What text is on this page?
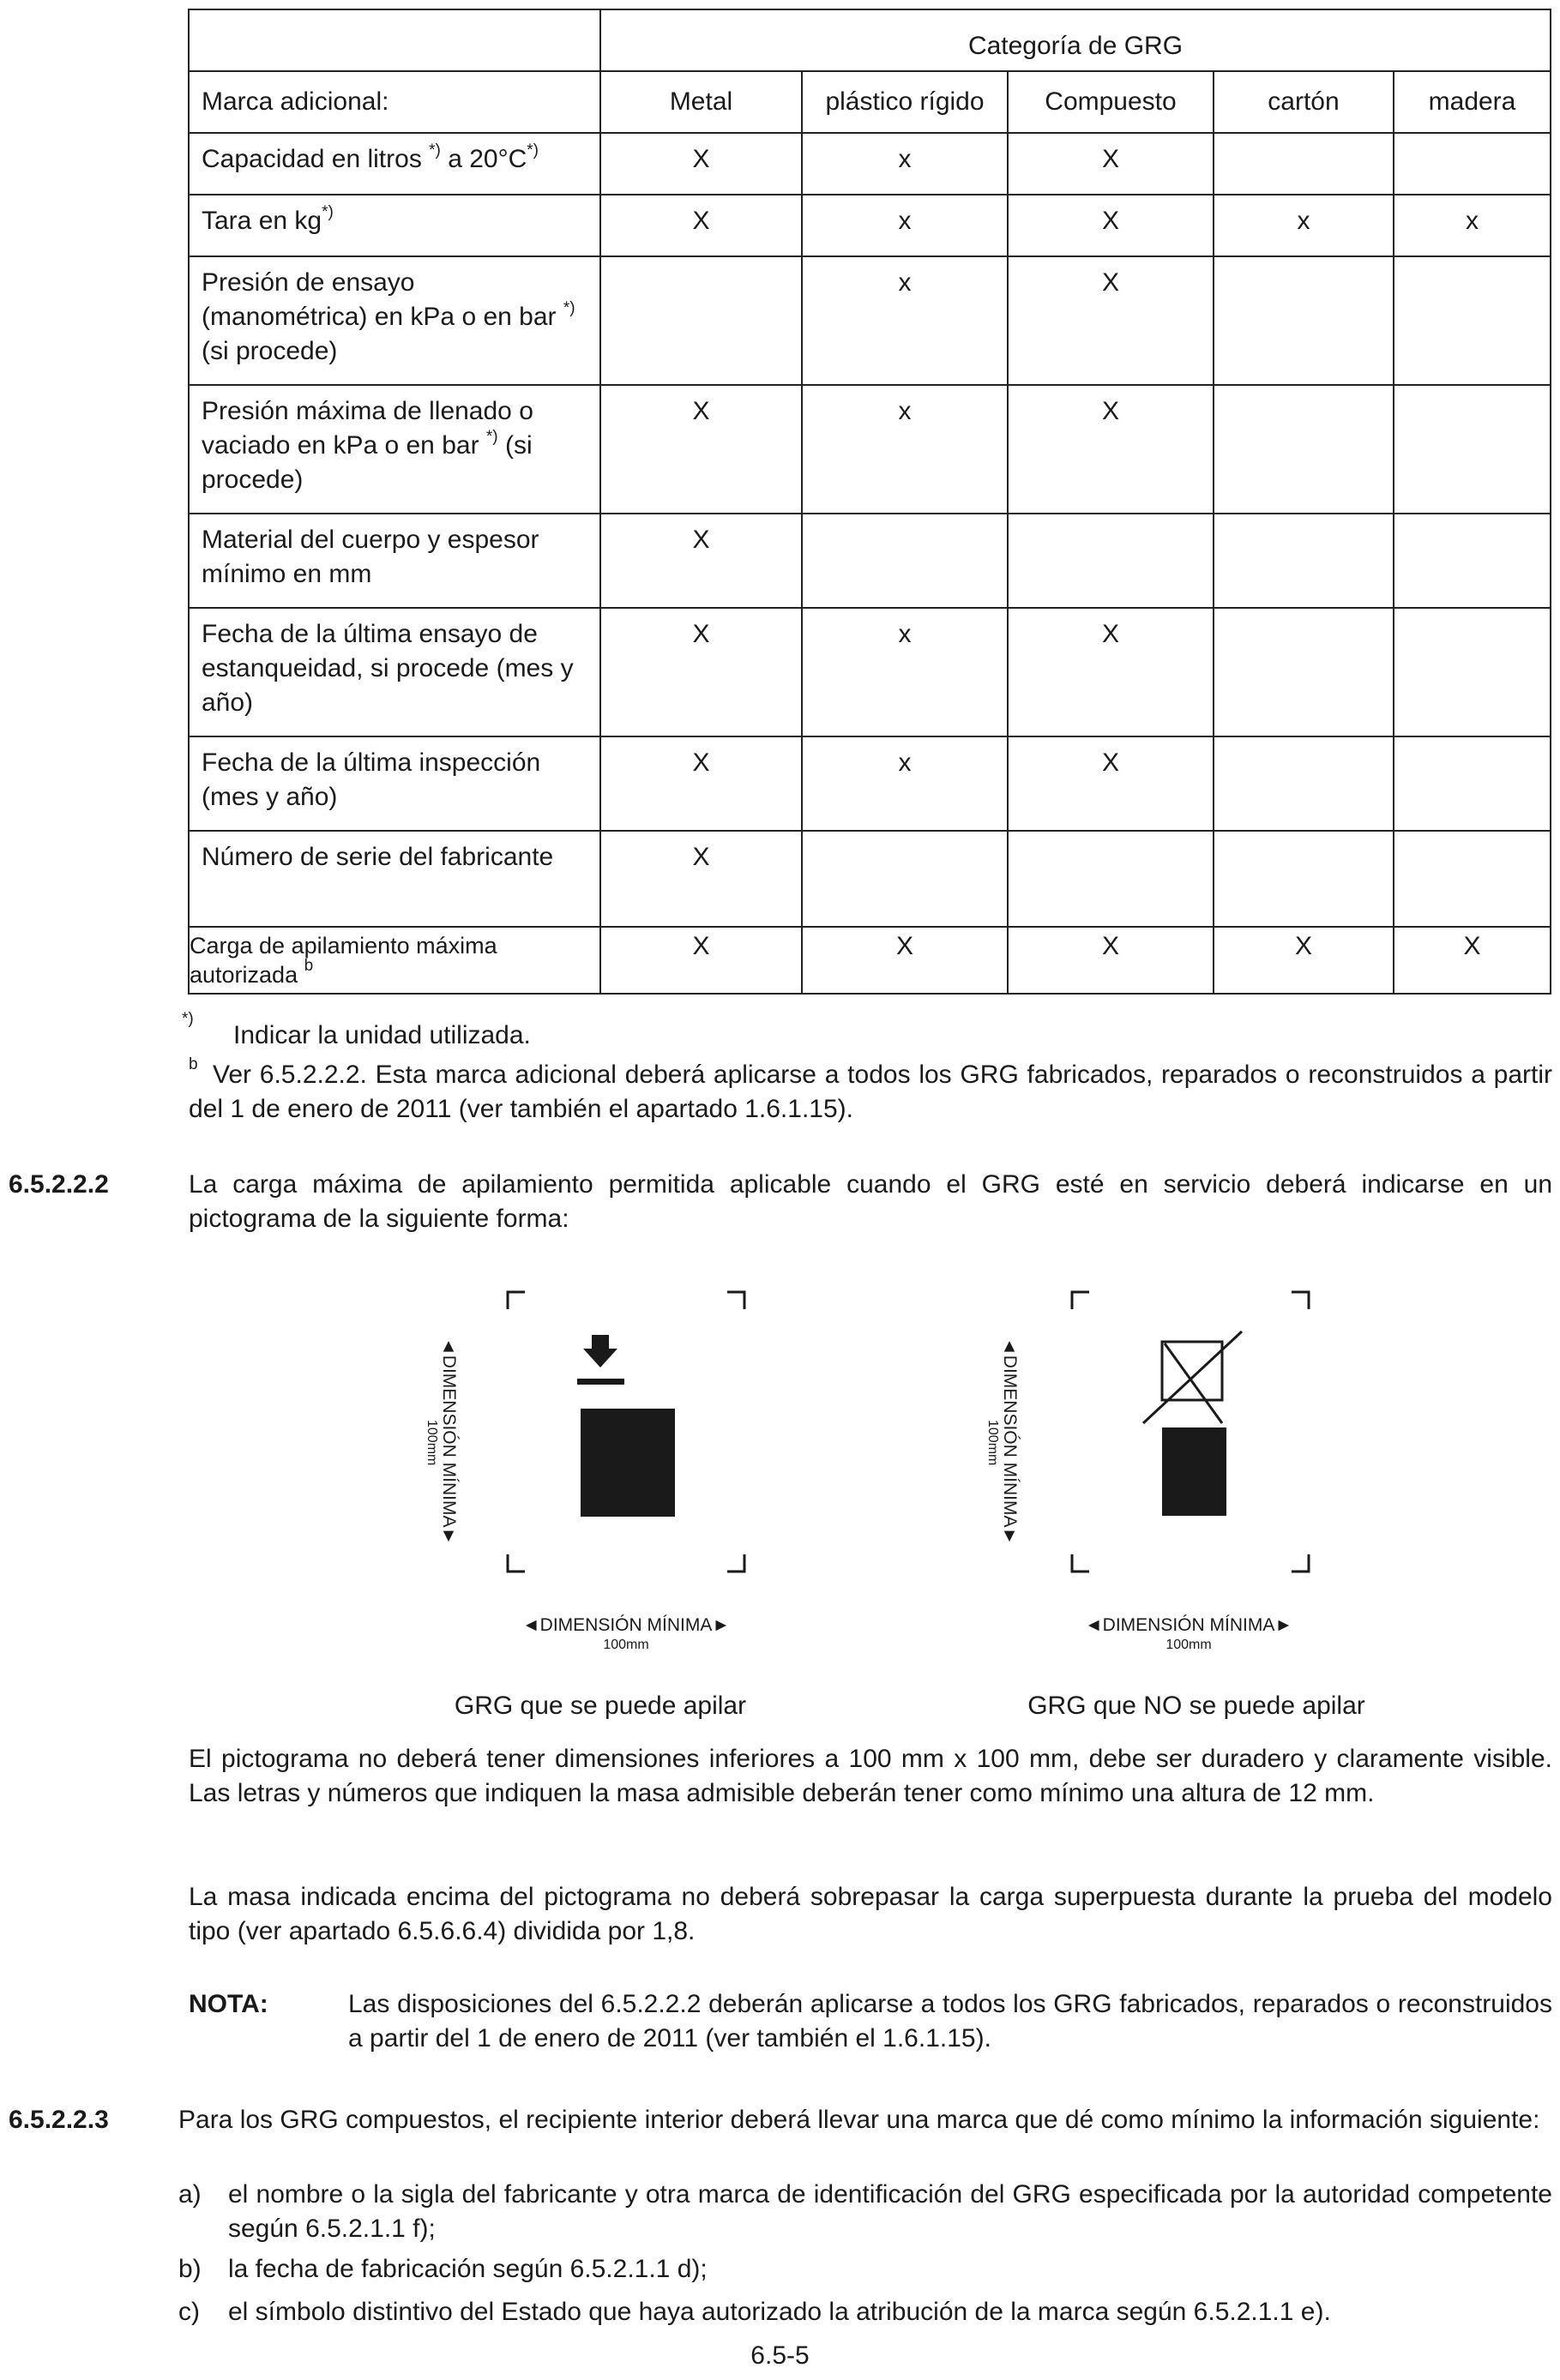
	Categoría de GRG				
Marca adicional:	Metal	plástico rígido	Compuesto	cartón	madera
Capacidad en litros *) a 20°C*)	X	x	X		
Tara en kg*)	X	x	X	x	x
Presión de ensayo (manométrica) en kPa o en bar *) (si procede)		x	X		
Presión máxima de llenado o vaciado en kPa o en bar *) (si procede)	X	x	X		
Material del cuerpo y espesor mínimo en mm	X				
Fecha de la última ensayo de estanqueidad, si procede (mes y año)	X	x	X		
Fecha de la última inspección (mes y año)	X	x	X		
Número de serie del fabricante	X				
Carga de apilamiento máxima autorizada $^b$	X	X	X	X	X
*)
Indicar la unidad utilizada.
b Ver 6.5.2.2.2. Esta marca adicional deberá aplicarse a todos los GRG fabricados, reparados o reconstruidos a partir del 1 de enero de 2011 (ver también el apartado 1.6.1.15).
6.5.2.2.2	La carga máxima de apilamiento permitida aplicable cuando el GRG esté en servicio deberá indicarse en un pictograma de la siguiente forma:
◄DIMENSIÓN MÍNIMA►
100mm	◄DIMENSIÓN MÍNIMA►
100mm
◄DIMENSIÓN MÍNIMA►
100mm
◄DIMENSIÓN MÍNIMA►
100mm
GRG que se puede apilar	GRG que NO se puede apilar
El pictograma no deberá tener dimensiones inferiores a 100 mm x 100 mm, debe ser duradero y claramente visible. Las letras y números que indiquen la masa admisible deberán tener como mínimo una altura de 12 mm.
La masa indicada encima del pictograma no deberá sobrepasar la carga superpuesta durante la prueba del modelo tipo (ver apartado 6.5.6.6.4) dividida por 1,8.
NOTA:	Las disposiciones del 6.5.2.2.2 deberán aplicarse a todos los GRG fabricados, reparados o reconstruidos a partir del 1 de enero de 2011 (ver también el 1.6.1.15).
6.5.2.2.3	Para los GRG compuestos, el recipiente interior deberá llevar una marca que dé como mínimo la información siguiente:
a) el nombre o la sigla del fabricante y otra marca de identificación del GRG especificada por la autoridad competente según 6.5.2.1.1 f);
b) la fecha de fabricación según 6.5.2.1.1 d);
c) el símbolo distintivo del Estado que haya autorizado la atribución de la marca según 6.5.2.1.1 e).
6.5-5
